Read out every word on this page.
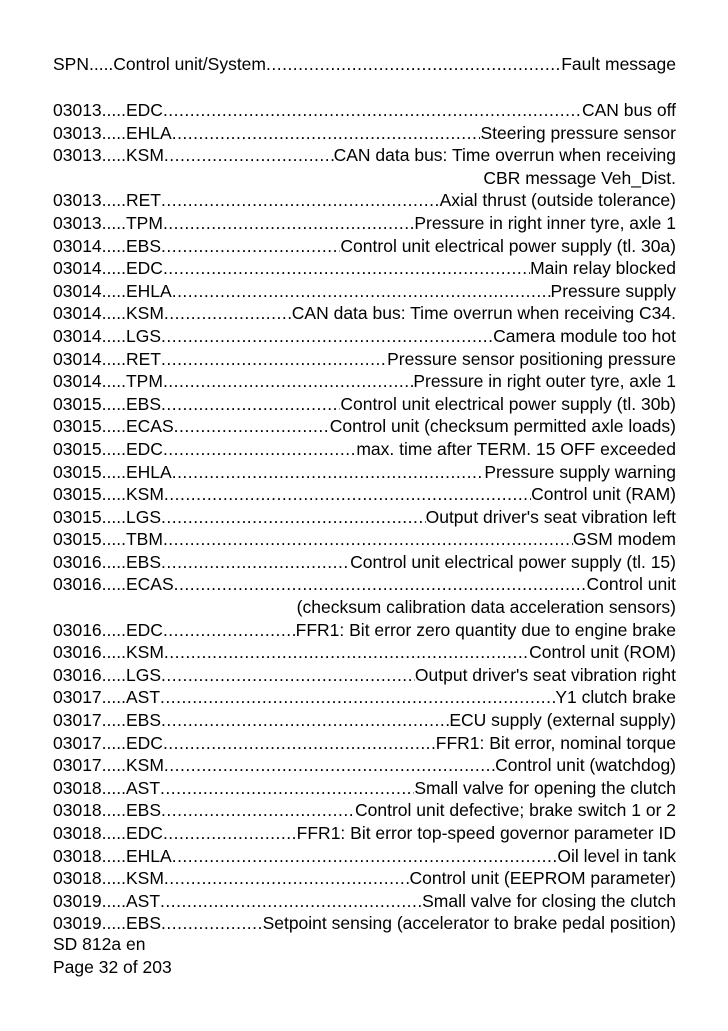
SPN ..... Control unit/System .....	Fault message
03013 ..... EDC .....	CAN bus off
03013 ..... EHLA .....	Steering pressure sensor
03013 ..... KSM .....	CAN data bus: Time overrun when receiving
CBR message Veh_Dist.
03013 ..... RET .....	Axial thrust (outside tolerance)
03013 ..... TPM .....	Pressure in right inner tyre, axle 1
03014 ..... EBS .....	Control unit electrical power supply (tl. 30a)
03014 ..... EDC .....	Main relay blocked
03014 ..... EHLA .....	Pressure supply
03014 ..... KSM .....	CAN data bus: Time overrun when receiving C34.
03014 ..... LGS .....	Camera module too hot
03014 ..... RET .....	Pressure sensor positioning pressure
03014 ..... TPM .....	Pressure in right outer tyre, axle 1
03015 ..... EBS .....	Control unit electrical power supply (tl. 30b)
03015 ..... ECAS .....	Control unit (checksum permitted axle loads)
03015 ..... EDC .....	max. time after TERM. 15 OFF exceeded
03015 ..... EHLA .....	Pressure supply warning
03015 ..... KSM .....	Control unit (RAM)
03015 ..... LGS .....	Output driver's seat vibration left
03015 ..... TBM .....	GSM modem
03016 ..... EBS .....	Control unit electrical power supply (tl. 15)
03016 ..... ECAS .....	Control unit
(checksum calibration data acceleration sensors)
03016 ..... EDC .....	FFR1: Bit error zero quantity due to engine brake
03016 ..... KSM .....	Control unit (ROM)
03016 ..... LGS .....	Output driver's seat vibration right
03017 ..... AST .....	Y1 clutch brake
03017 ..... EBS .....	ECU supply (external supply)
03017 ..... EDC .....	FFR1: Bit error, nominal torque
03017 ..... KSM .....	Control unit (watchdog)
03018 ..... AST .....	Small valve for opening the clutch
03018 ..... EBS .....	Control unit defective; brake switch 1 or 2
03018 ..... EDC .....	FFR1: Bit error top-speed governor parameter ID
03018 ..... EHLA .....	Oil level in tank
03018 ..... KSM .....	Control unit (EEPROM parameter)
03019 ..... AST .....	Small valve for closing the clutch
03019 ..... EBS .....	Setpoint sensing (accelerator to brake pedal position)
SD 812a en
Page 32 of 203
